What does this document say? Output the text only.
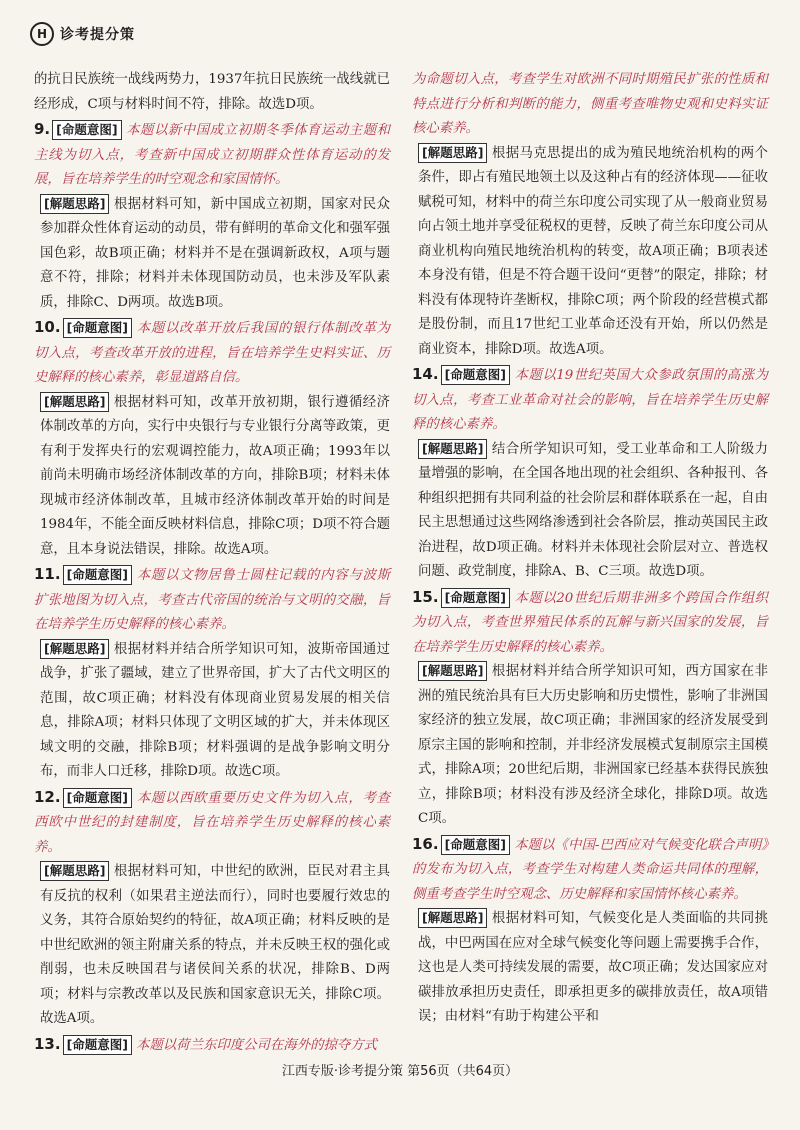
H 诊考提分策

的抗日民族统一战线两势力，1937年抗日民族统一战线就已经形成，C项与材料时间不符，排除。故选D项。

9. [命题意图] 本题以新中国成立初期冬季体育运动主题和主线为切入点，考查新中国成立初期群众性体育运动的发展，旨在培养学生的时空观念和家国情怀。
[解题思路] 根据材料可知，新中国成立初期，国家对民众参加群众性体育运动的动员，带有鲜明的革命文化和强军强国色彩，故B项正确；材料并不是在强调新政权，A项与题意不符，排除；材料并未体现国防动员，也未涉及军队素质，排除C、D两项。故选B项。
10. [命题意图] 本题以改革开放后我国的银行体制改革为切入点，考查改革开放的进程，旨在培养学生史料实证、历史解释的核心素养，彰显道路自信。
[解题思路] 根据材料可知，改革开放初期，银行遵循经济体制改革的方向，实行中央银行与专业银行分离等政策，更有利于发挥央行的宏观调控能力，故A项正确；1993年以前尚未明确市场经济体制改革的方向，排除B项；材料未体现城市经济体制改革，且城市经济体制改革开始的时间是1984年，不能全面反映材料信息，排除C项；D项不符合题意，且本身说法错误，排除。故选A项。
11. [命题意图] 本题以文物居鲁士圆柱记载的内容与波斯扩张地图为切入点，考查古代帝国的统治与文明的交融，旨在培养学生历史解释的核心素养。
[解题思路] 根据材料并结合所学知识可知，波斯帝国通过战争，扩张了疆域，建立了世界帝国，扩大了古代文明区的范围，故C项正确；材料没有体现商业贸易发展的相关信息，排除A项；材料只体现了文明区域的扩大，并未体现区域文明的交融，排除B项；材料强调的是战争影响文明分布，而非人口迁移，排除D项。故选C项。
12. [命题意图] 本题以西欧重要历史文件为切入点，考查西欧中世纪的封建制度，旨在培养学生历史解释的核心素养。
[解题思路] 根据材料可知，中世纪的欧洲，臣民对君主具有反抗的权利（如果君主逆法而行），同时也要履行效忠的义务，其符合原始契约的特征，故A项正确；材料反映的是中世纪欧洲的领主附庸关系的特点，并未反映王权的强化或削弱，也未反映国君与诸侯间关系的状况，排除B、D两项；材料与宗教改革以及民族和国家意识无关，排除C项。故选A项。
13. [命题意图] 本题以荷兰东印度公司在海外的掠夺方式

为命题切入点，考查学生对欧洲不同时期殖民扩张的性质和特点进行分析和判断的能力，侧重考查唯物史观和史料实证核心素养。

[解题思路] 根据马克思提出的成为殖民地统治机构的两个条件，即占有殖民地领土以及这种占有的经济体现——征收赋税可知，材料中的荷兰东印度公司实现了从一般商业贸易向占领土地并享受征税权的更替，反映了荷兰东印度公司从商业机构向殖民地统治机构的转变，故A项正确；B项表述本身没有错，但是不符合题干设问“更替”的限定，排除；材料没有体现特许垄断权，排除C项；两个阶段的经营模式都是股份制，而且17世纪工业革命还没有开始，所以仍然是商业资本，排除D项。故选A项。
14. [命题意图] 本题以19世纪英国大众参政氛围的高涨为切入点，考查工业革命对社会的影响，旨在培养学生历史解释的核心素养。
[解题思路] 结合所学知识可知，受工业革命和工人阶级力量增强的影响，在全国各地出现的社会组织、各种报刊、各种组织把拥有共同利益的社会阶层和群体联系在一起，自由民主思想通过这些网络渗透到社会各阶层，推动英国民主政治进程，故D项正确。材料并未体现社会阶层对立、普选权问题、政党制度，排除A、B、C三项。故选D项。
15. [命题意图] 本题以20世纪后期非洲多个跨国合作组织为切入点，考查世界殖民体系的瓦解与新兴国家的发展，旨在培养学生历史解释的核心素养。
[解题思路] 根据材料并结合所学知识可知，西方国家在非洲的殖民统治具有巨大历史影响和历史惯性，影响了非洲国家经济的独立发展，故C项正确；非洲国家的经济发展受到原宗主国的影响和控制，并非经济发展模式复制原宗主国模式，排除A项；20世纪后期，非洲国家已经基本获得民族独立，排除B项；材料没有涉及经济全球化，排除D项。故选C项。
16. [命题意图] 本题以《中国-巴西应对气候变化联合声明》的发布为切入点，考查学生对构建人类命运共同体的理解，侧重考查学生时空观念、历史解释和家国情怀核心素养。
[解题思路] 根据材料可知，气候变化是人类面临的共同挑战，中巴两国在应对全球气候变化等问题上需要携手合作，这也是人类可持续发展的需要，故C项正确；发达国家应对碳排放承担历史责任，即承担更多的碳排放责任，故A项错误；由材料“有助于构建公平和
江西专版·诊考提分策 第56页（共64页）
